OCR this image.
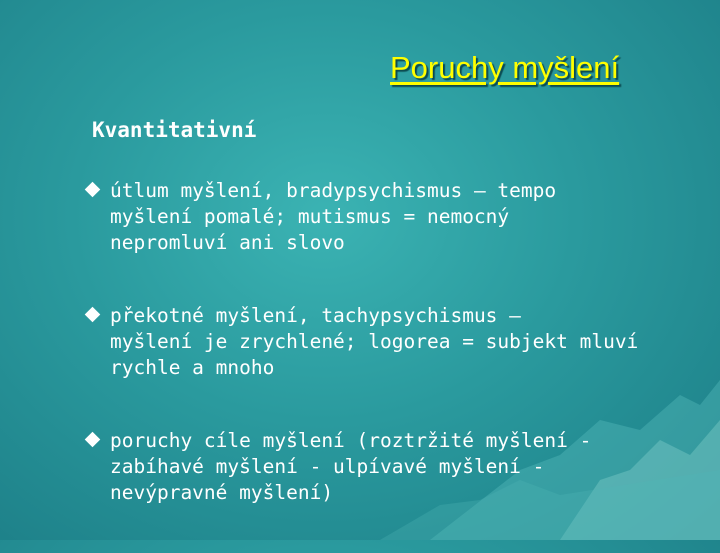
Poruchy myšlení
Kvantitativní
útlum myšlení, bradypsychismus – tempo
myšlení pomalé; mutismus = nemocný
nepromluví ani slovo
překotné myšlení, tachypsychismus –
myšlení je zrychlené; logorea = subjekt mluví
rychle a mnoho
poruchy cíle myšlení (roztržité myšlení -
zabíhavé myšlení - ulpívavé myšlení -
nevýpravné myšlení)
